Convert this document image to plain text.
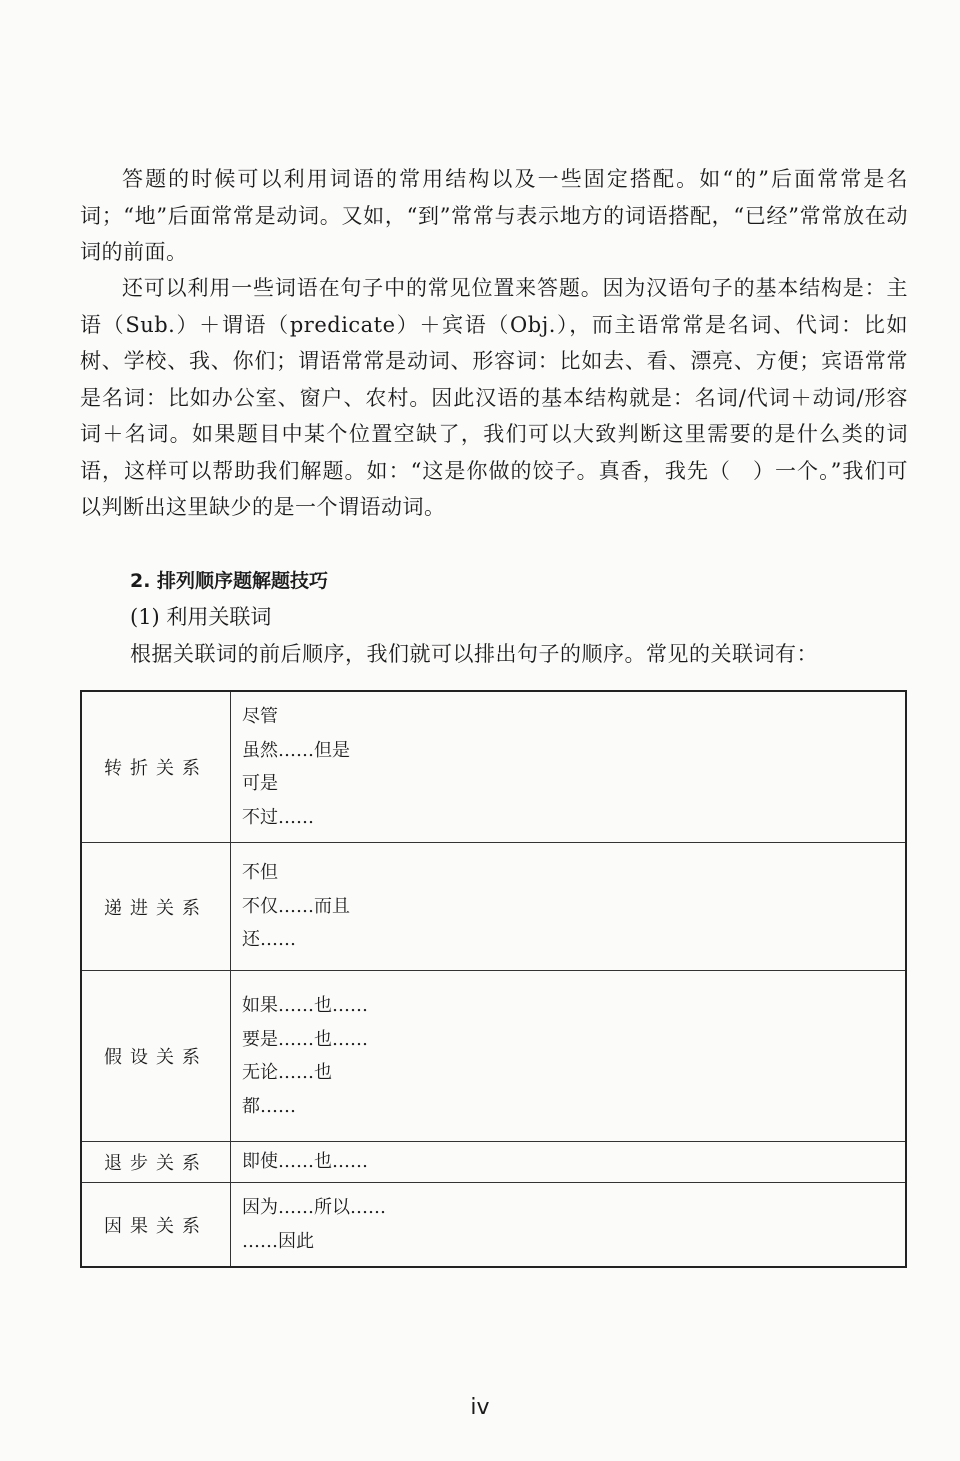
答题的时候可以利用词语的常用结构以及一些固定搭配。如“的”后面常常是名词；“地”后面常常是动词。又如，“到”常常与表示地方的词语搭配，“已经”常常放在动词的前面。

还可以利用一些词语在句子中的常见位置来答题。因为汉语句子的基本结构是：主语（Sub.）＋谓语（predicate）＋宾语（Obj.），而主语常常是名词、代词：比如树、学校、我、你们；谓语常常是动词、形容词：比如去、看、漂亮、方便；宾语常常是名词：比如办公室、窗户、农村。因此汉语的基本结构就是：名词/代词＋动词/形容词＋名词。如果题目中某个位置空缺了，我们可以大致判断这里需要的是什么类的词语，这样可以帮助我们解题。如：“这是你做的饺子。真香，我先（　）一个。”我们可以判断出这里缺少的是一个谓语动词。

2. 排列顺序题解题技巧

(1) 利用关联词

根据关联词的前后顺序，我们就可以排出句子的顺序。常见的关联词有：

转折关系	尽管
虽然……但是
可是
不过……

递进关系	不但
不仅……而且
还……

假设关系	如果……也……
要是……也……
无论……也
都……

退步关系	即使……也……

因果关系	因为……所以……
……因此
iv
